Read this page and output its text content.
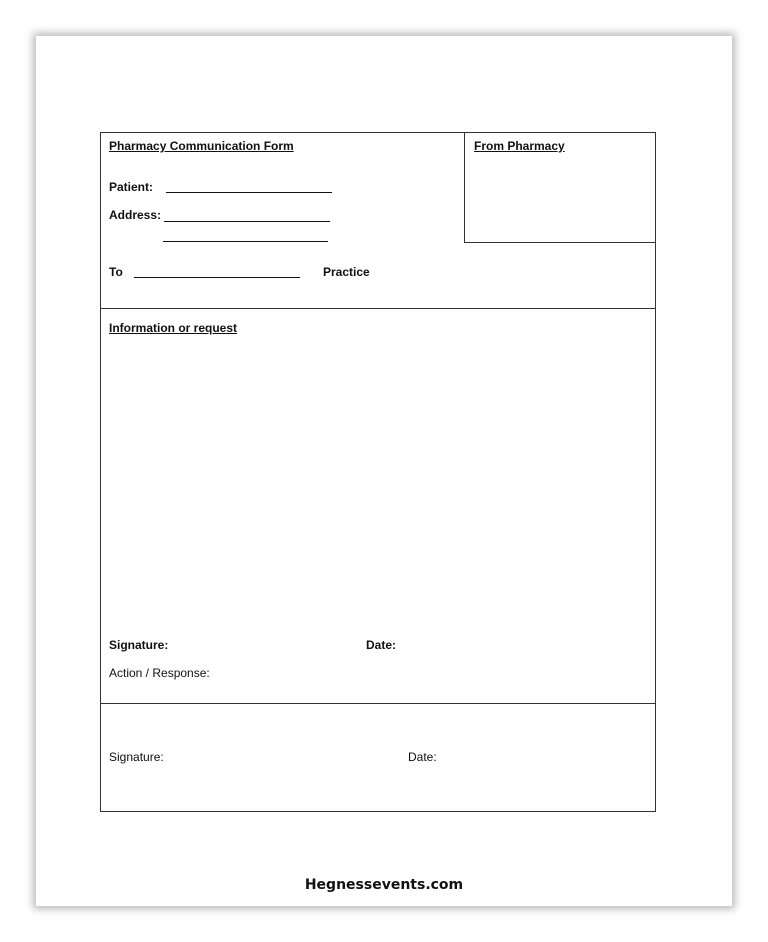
Pharmacy Communication Form	From Pharmacy
Patient:
Address:
To	Practice
Information or request
Signature:	Date:
Action / Response:
Signature:	Date:
Hegnessevents.com
